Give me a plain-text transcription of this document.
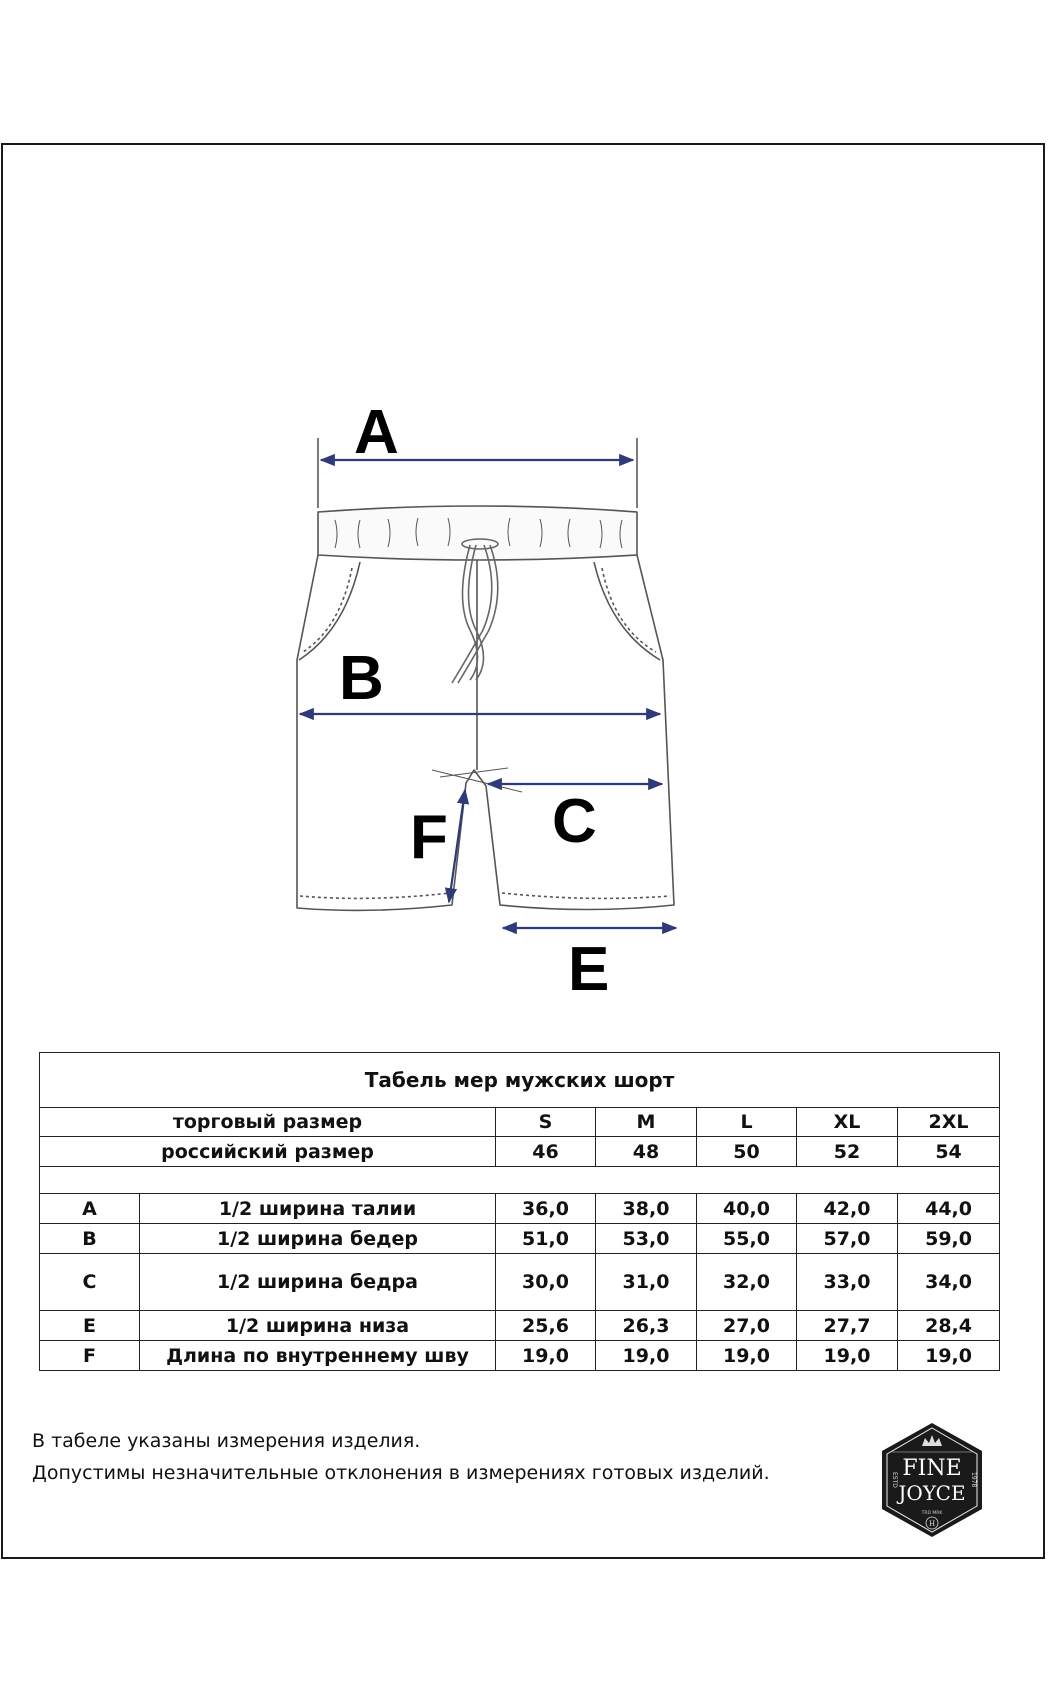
A
B
C
F
E
Табель мер мужских шорт						
торговый размер		S	M	L	XL	2XL
российский размер		46	48	50	52	54

A	1/2 ширина талии	36,0	38,0	40,0	42,0	44,0
B	1/2 ширина бедер	51,0	53,0	55,0	57,0	59,0
C	1/2 ширина бедра	30,0	31,0	32,0	33,0	34,0
E	1/2 ширина низа	25,6	26,3	27,0	27,7	28,4
F	Длина по внутреннему шву	19,0	19,0	19,0	19,0	19,0
В табеле указаны измерения изделия.
Допустимы незначительные отклонения в измерениях готовых изделий.	FINE
JOYCE
ESTD	1978
TRD MRK
H
